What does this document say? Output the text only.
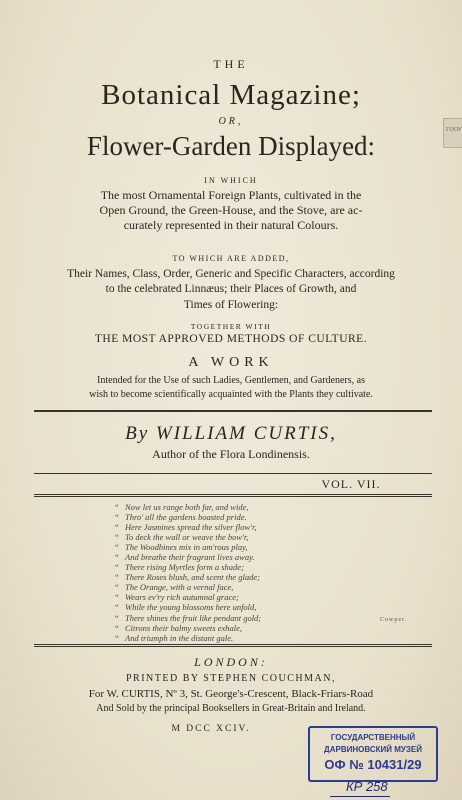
ГООУ
THE
Botanical Magazine;
OR,
Flower-Garden Displayed:
IN WHICH
The most Ornamental Foreign Plants, cultivated in the
Open Ground, the Green-House, and the Stove, are ac-
curately represented in their natural Colours.
TO WHICH ARE ADDED,
Their Names, Class, Order, Generic and Specific Characters, according
to the celebrated Linnæus; their Places of Growth, and
Times of Flowering:
TOGETHER WITH
THE MOST APPROVED METHODS OF CULTURE.
A WORK
Intended for the Use of such Ladies, Gentlemen, and Gardeners, as
wish to become scientifically acquainted with the Plants they cultivate.
By WILLIAM CURTIS,
Author of the Flora Londinensis.
VOL. VII.
“ Now let us range both far, and wide,
“ Thro' all the gardens boasted pride.
“ Here Jasmines spread the silver flow'r,
“ To deck the wall or weave the bow'r,
“ The Woodbines mix in am'rous play,
“ And breathe their fragrant lives away.
“ There rising Myrtles form a shade;
“ There Roses blush, and scent the glade;
“ The Orange, with a vernal face,
“ Wears ev'ry rich autumnal grace;
“ While the young blossoms here unfold,
“ There shines the fruit like pendant gold;
“ Citrons their balmy sweets exhale,
“ And triumph in the distant gale.
Cowper.
LONDON:
PRINTED BY STEPHEN COUCHMAN,
For W. CURTIS, Nº 3, St. George's-Crescent, Black-Friars-Road
And Sold by the principal Booksellers in Great-Britain and Ireland.
M DCC XCIV.
ГОСУДАРСТВЕННЫЙ
ДАРВИНОВСКИЙ МУЗЕЙ
ОФ № 10431/29
КР 258
